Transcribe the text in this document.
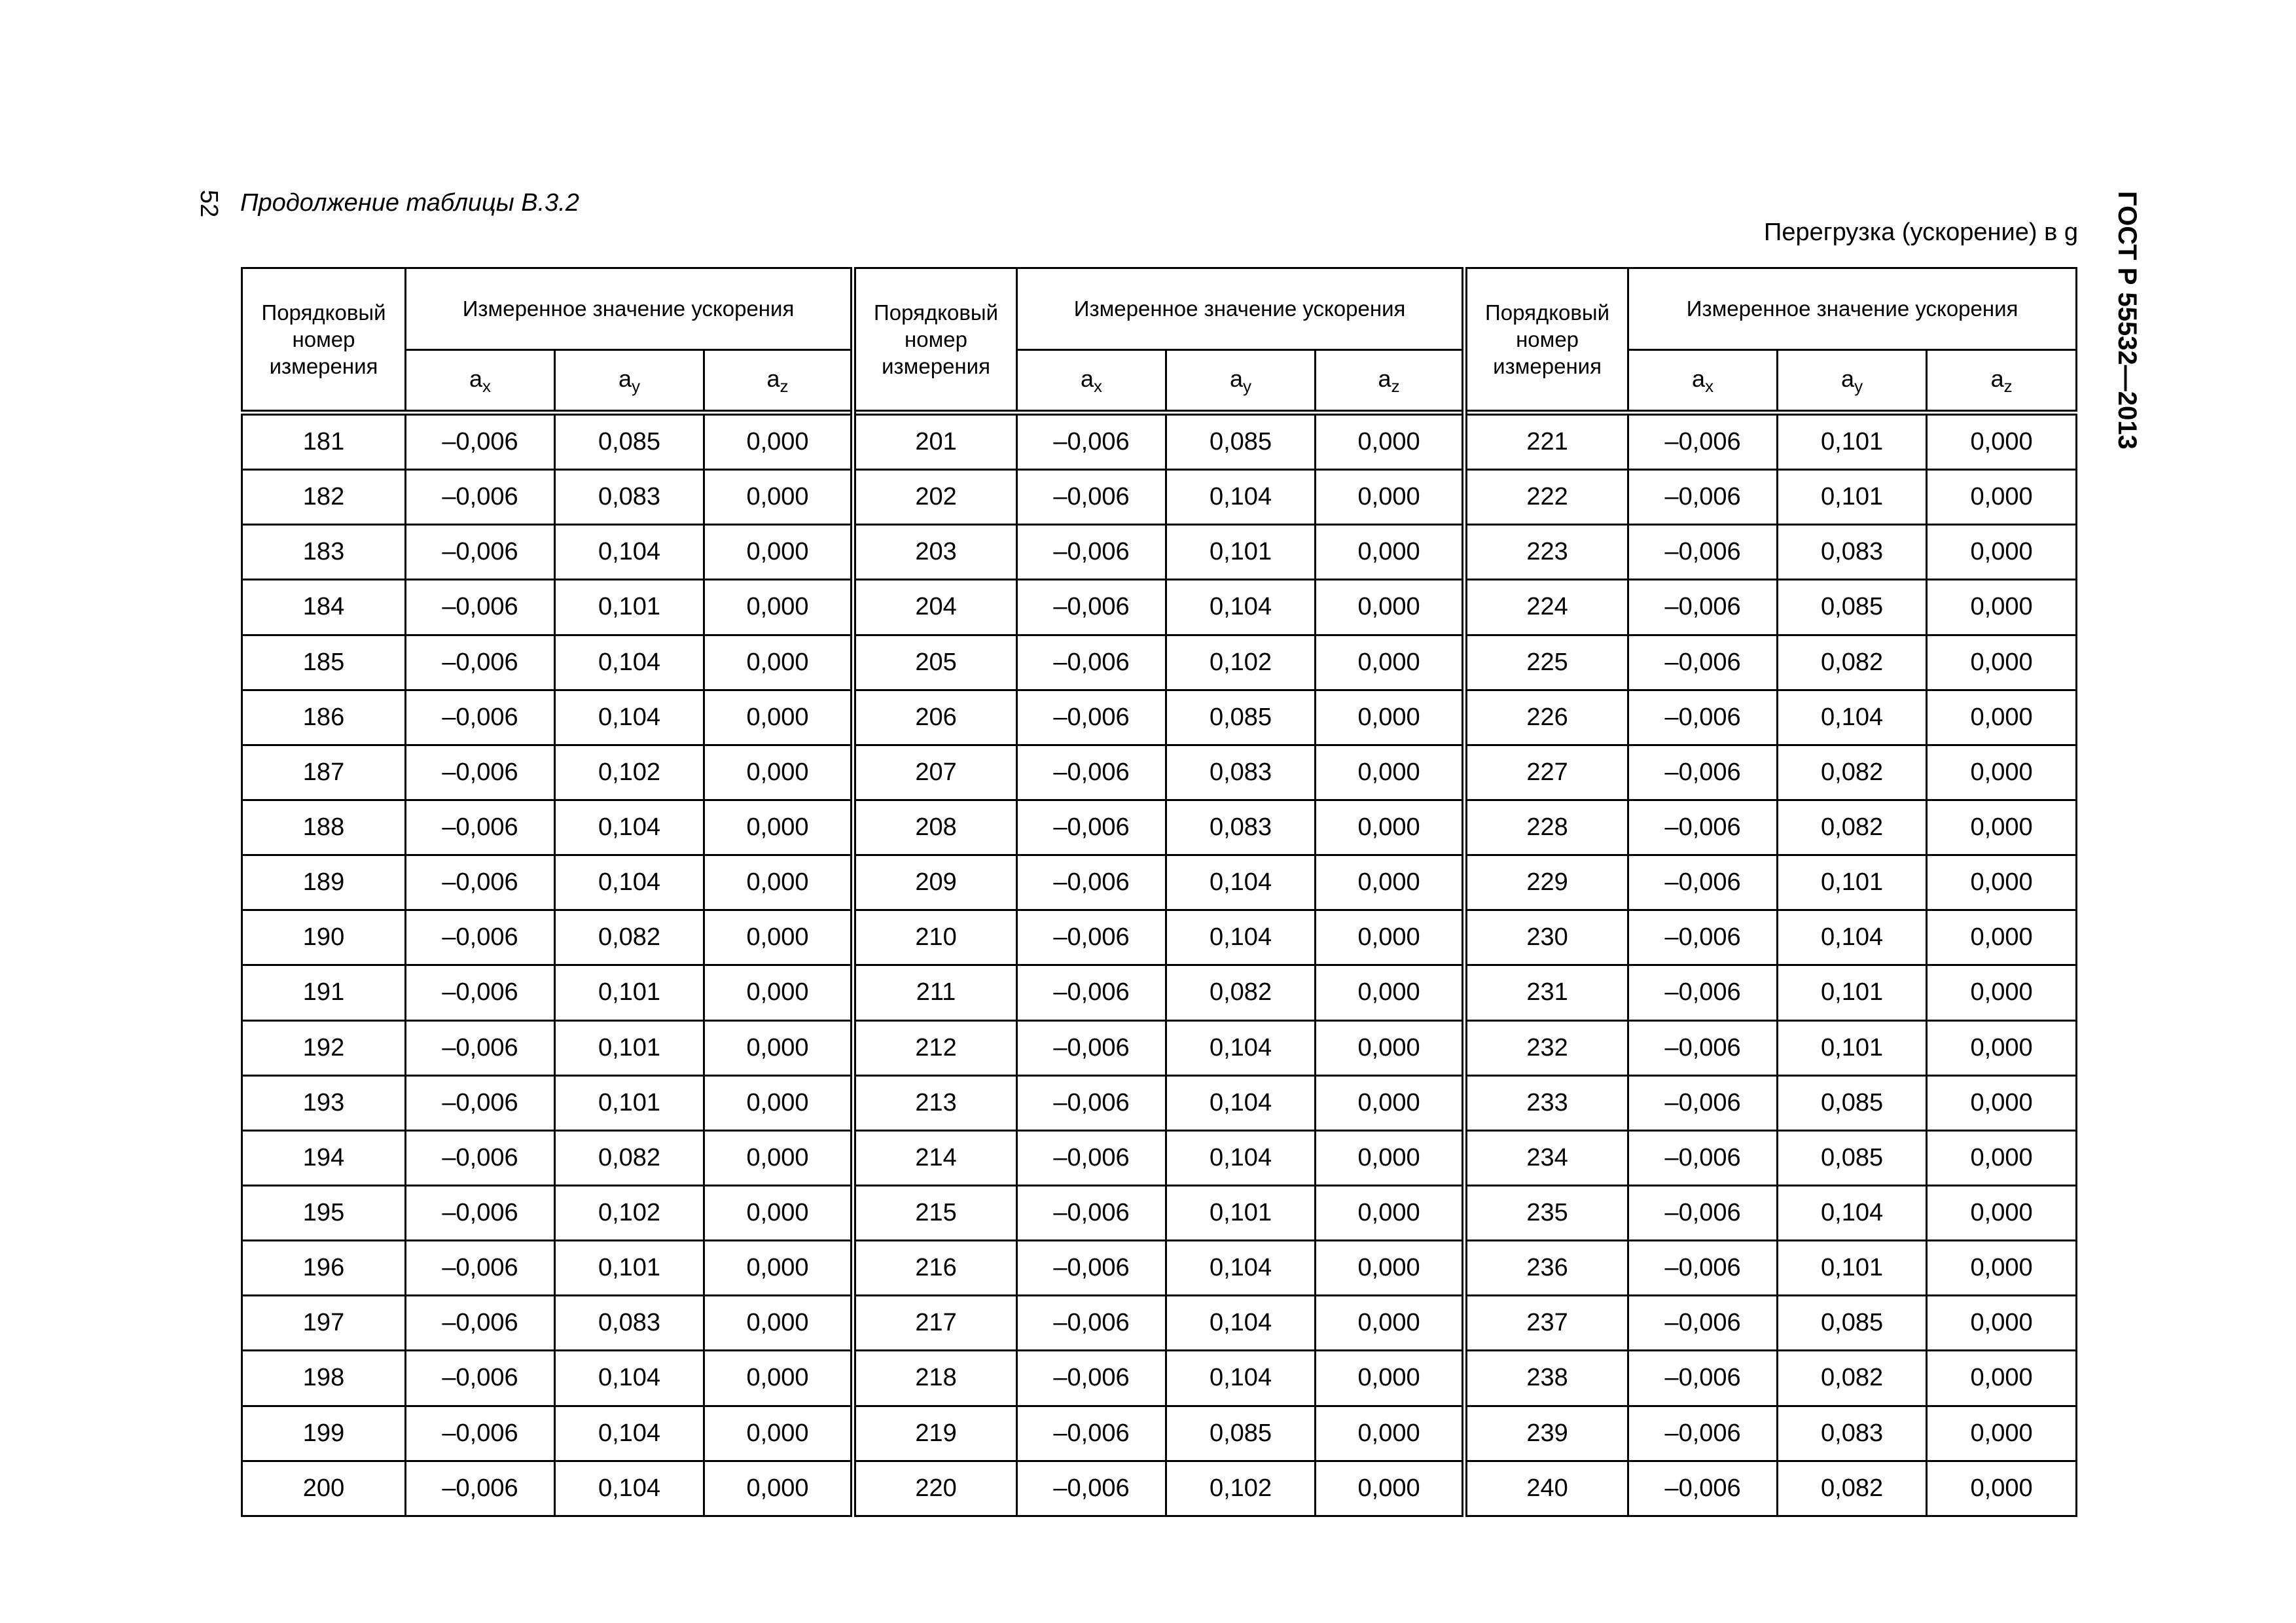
52 Продолжение таблицы В.3.2
Перегрузка (ускорение) в g ГОСТ Р 55532—2013
Порядковый номер измерения	Измеренное значение ускорения			Порядковый номер измерения	Измеренное значение ускорения			Порядковый номер измерения	Измеренное значение ускорения		
	$a_x$	$a_y$	$a_z$		$a_x$	$a_y$	$a_z$		$a_x$	$a_y$	$a_z$
181	–0,006	0,085	0,000	201	–0,006	0,085	0,000	221	–0,006	0,101	0,000
182	–0,006	0,083	0,000	202	–0,006	0,104	0,000	222	–0,006	0,101	0,000
183	–0,006	0,104	0,000	203	–0,006	0,101	0,000	223	–0,006	0,083	0,000
184	–0,006	0,101	0,000	204	–0,006	0,104	0,000	224	–0,006	0,085	0,000
185	–0,006	0,104	0,000	205	–0,006	0,102	0,000	225	–0,006	0,082	0,000
186	–0,006	0,104	0,000	206	–0,006	0,085	0,000	226	–0,006	0,104	0,000
187	–0,006	0,102	0,000	207	–0,006	0,083	0,000	227	–0,006	0,082	0,000
188	–0,006	0,104	0,000	208	–0,006	0,083	0,000	228	–0,006	0,082	0,000
189	–0,006	0,104	0,000	209	–0,006	0,104	0,000	229	–0,006	0,101	0,000
190	–0,006	0,082	0,000	210	–0,006	0,104	0,000	230	–0,006	0,104	0,000
191	–0,006	0,101	0,000	211	–0,006	0,082	0,000	231	–0,006	0,101	0,000
192	–0,006	0,101	0,000	212	–0,006	0,104	0,000	232	–0,006	0,101	0,000
193	–0,006	0,101	0,000	213	–0,006	0,104	0,000	233	–0,006	0,085	0,000
194	–0,006	0,082	0,000	214	–0,006	0,104	0,000	234	–0,006	0,085	0,000
195	–0,006	0,102	0,000	215	–0,006	0,101	0,000	235	–0,006	0,104	0,000
196	–0,006	0,101	0,000	216	–0,006	0,104	0,000	236	–0,006	0,101	0,000
197	–0,006	0,083	0,000	217	–0,006	0,104	0,000	237	–0,006	0,085	0,000
198	–0,006	0,104	0,000	218	–0,006	0,104	0,000	238	–0,006	0,082	0,000
199	–0,006	0,104	0,000	219	–0,006	0,085	0,000	239	–0,006	0,083	0,000
200	–0,006	0,104	0,000	220	–0,006	0,102	0,000	240	–0,006	0,082	0,000
